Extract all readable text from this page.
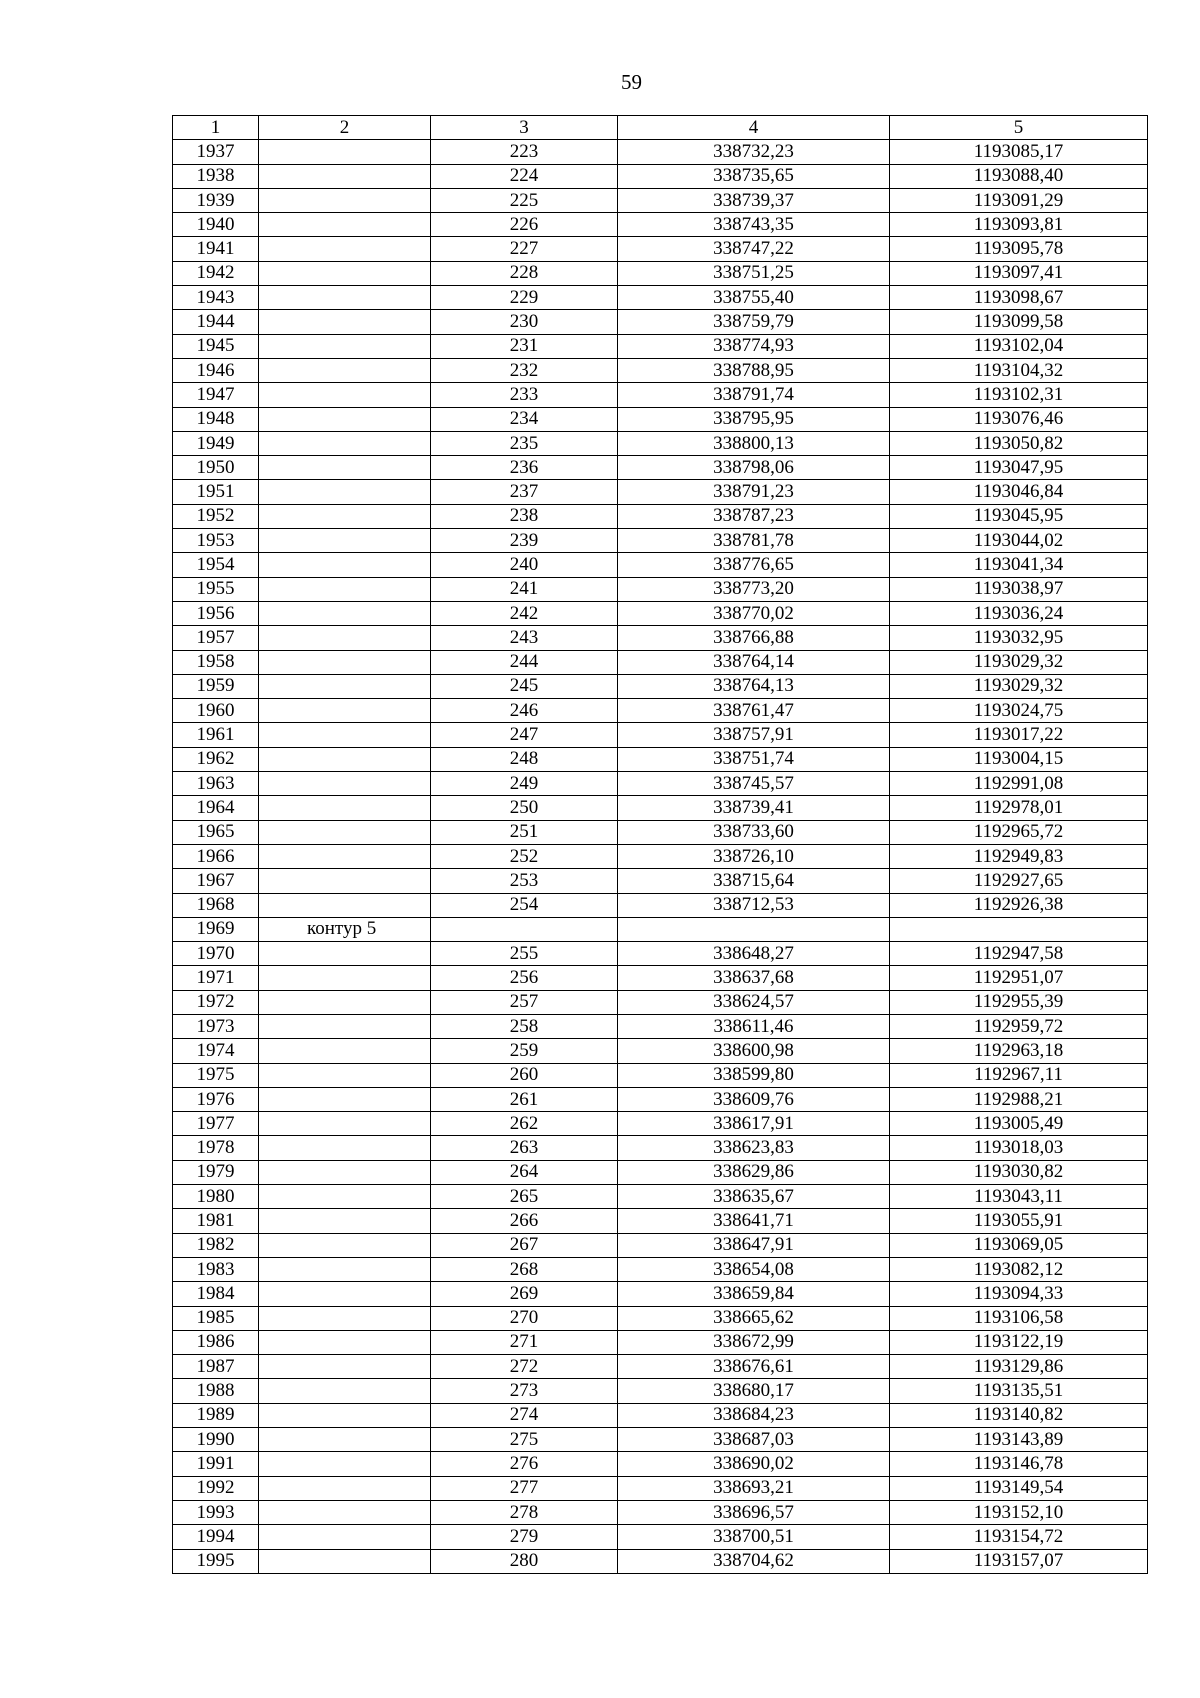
59
1	2	3	4	5
1937		223	338732,23	1193085,17
1938		224	338735,65	1193088,40
1939		225	338739,37	1193091,29
1940		226	338743,35	1193093,81
1941		227	338747,22	1193095,78
1942		228	338751,25	1193097,41
1943		229	338755,40	1193098,67
1944		230	338759,79	1193099,58
1945		231	338774,93	1193102,04
1946		232	338788,95	1193104,32
1947		233	338791,74	1193102,31
1948		234	338795,95	1193076,46
1949		235	338800,13	1193050,82
1950		236	338798,06	1193047,95
1951		237	338791,23	1193046,84
1952		238	338787,23	1193045,95
1953		239	338781,78	1193044,02
1954		240	338776,65	1193041,34
1955		241	338773,20	1193038,97
1956		242	338770,02	1193036,24
1957		243	338766,88	1193032,95
1958		244	338764,14	1193029,32
1959		245	338764,13	1193029,32
1960		246	338761,47	1193024,75
1961		247	338757,91	1193017,22
1962		248	338751,74	1193004,15
1963		249	338745,57	1192991,08
1964		250	338739,41	1192978,01
1965		251	338733,60	1192965,72
1966		252	338726,10	1192949,83
1967		253	338715,64	1192927,65
1968		254	338712,53	1192926,38
1969	контур 5			
1970		255	338648,27	1192947,58
1971		256	338637,68	1192951,07
1972		257	338624,57	1192955,39
1973		258	338611,46	1192959,72
1974		259	338600,98	1192963,18
1975		260	338599,80	1192967,11
1976		261	338609,76	1192988,21
1977		262	338617,91	1193005,49
1978		263	338623,83	1193018,03
1979		264	338629,86	1193030,82
1980		265	338635,67	1193043,11
1981		266	338641,71	1193055,91
1982		267	338647,91	1193069,05
1983		268	338654,08	1193082,12
1984		269	338659,84	1193094,33
1985		270	338665,62	1193106,58
1986		271	338672,99	1193122,19
1987		272	338676,61	1193129,86
1988		273	338680,17	1193135,51
1989		274	338684,23	1193140,82
1990		275	338687,03	1193143,89
1991		276	338690,02	1193146,78
1992		277	338693,21	1193149,54
1993		278	338696,57	1193152,10
1994		279	338700,51	1193154,72
1995		280	338704,62	1193157,07
